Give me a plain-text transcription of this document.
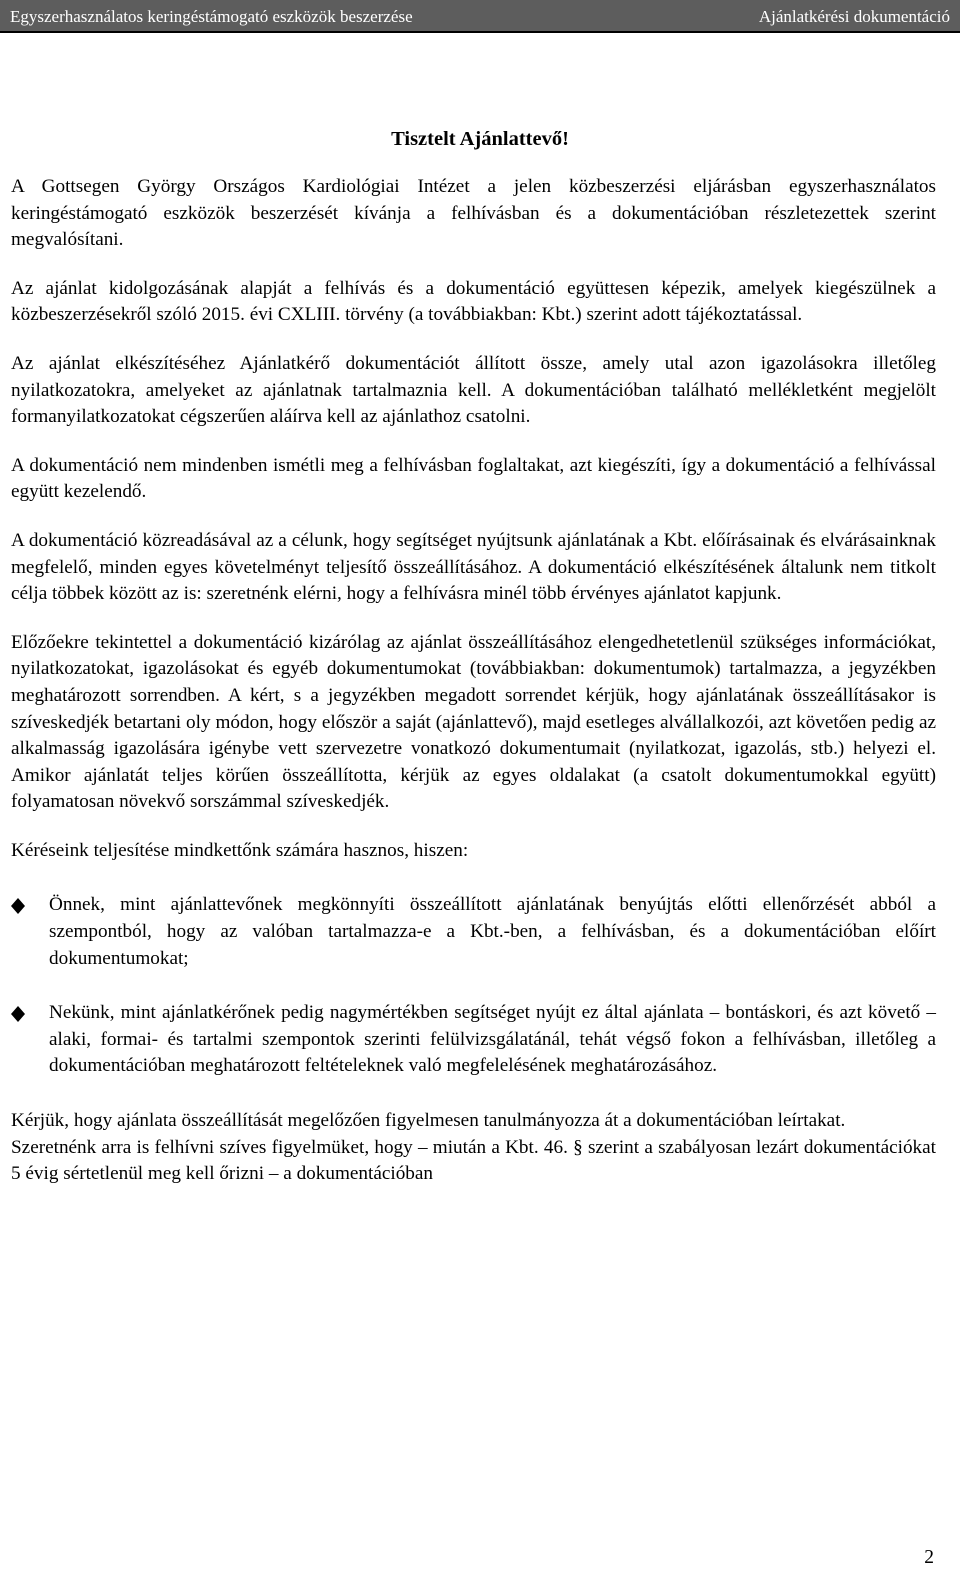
Egyszerhasználatos keringéstámogató eszközök beszerzése	Ajánlatkérési dokumentáció
Tisztelt Ajánlattevő!

A Gottsegen György Országos Kardiológiai Intézet a jelen közbeszerzési eljárásban egyszerhasználatos keringéstámogató eszközök beszerzését kívánja a felhívásban és a dokumentációban részletezettek szerint megvalósítani.

Az ajánlat kidolgozásának alapját a felhívás és a dokumentáció együttesen képezik, amelyek kiegészülnek a közbeszerzésekről szóló 2015. évi CXLIII. törvény (a továbbiakban: Kbt.) szerint adott tájékoztatással.

Az ajánlat elkészítéséhez Ajánlatkérő dokumentációt állított össze, amely utal azon igazolásokra illetőleg nyilatkozatokra, amelyeket az ajánlatnak tartalmaznia kell. A dokumentációban található mellékletként megjelölt formanyilatkozatokat cégszerűen aláírva kell az ajánlathoz csatolni.

A dokumentáció nem mindenben ismétli meg a felhívásban foglaltakat, azt kiegészíti, így a dokumentáció a felhívással együtt kezelendő.

A dokumentáció közreadásával az a célunk, hogy segítséget nyújtsunk ajánlatának a Kbt. előírásainak és elvárásainknak megfelelő, minden egyes követelményt teljesítő összeállításához. A dokumentáció elkészítésének általunk nem titkolt célja többek között az is: szeretnénk elérni, hogy a felhívásra minél több érvényes ajánlatot kapjunk.

Előzőekre tekintettel a dokumentáció kizárólag az ajánlat összeállításához elengedhetetlenül szükséges információkat, nyilatkozatokat, igazolásokat és egyéb dokumentumokat (továbbiakban: dokumentumok) tartalmazza, a jegyzékben meghatározott sorrendben. A kért, s a jegyzékben megadott sorrendet kérjük, hogy ajánlatának összeállításakor is szíveskedjék betartani oly módon, hogy először a saját (ajánlattevő), majd esetleges alvállalkozói, azt követően pedig az alkalmasság igazolására igénybe vett szervezetre vonatkozó dokumentumait (nyilatkozat, igazolás, stb.) helyezi el. Amikor ajánlatát teljes körűen összeállította, kérjük az egyes oldalakat (a csatolt dokumentumokkal együtt) folyamatosan növekvő sorszámmal szíveskedjék.

Kéréseink teljesítése mindkettőnk számára hasznos, hiszen:

Önnek, mint ajánlattevőnek megkönnyíti összeállított ajánlatának benyújtás előtti ellenőrzését abból a szempontból, hogy az valóban tartalmazza-e a Kbt.-ben, a felhívásban, és a dokumentációban előírt dokumentumokat;
Nekünk, mint ajánlatkérőnek pedig nagymértékben segítséget nyújt ez által ajánlata – bontáskori, és azt követő – alaki, formai- és tartalmi szempontok szerinti felülvizsgálatánál, tehát végső fokon a felhívásban, illetőleg a dokumentációban meghatározott feltételeknek való megfelelésének meghatározásához.

Kérjük, hogy ajánlata összeállítását megelőzően figyelmesen tanulmányozza át a dokumentációban leírtakat.

Szeretnénk arra is felhívni szíves figyelmüket, hogy – miután a Kbt. 46. § szerint a szabályosan lezárt dokumentációkat 5 évig sértetlenül meg kell őrizni – a dokumentációban

2
